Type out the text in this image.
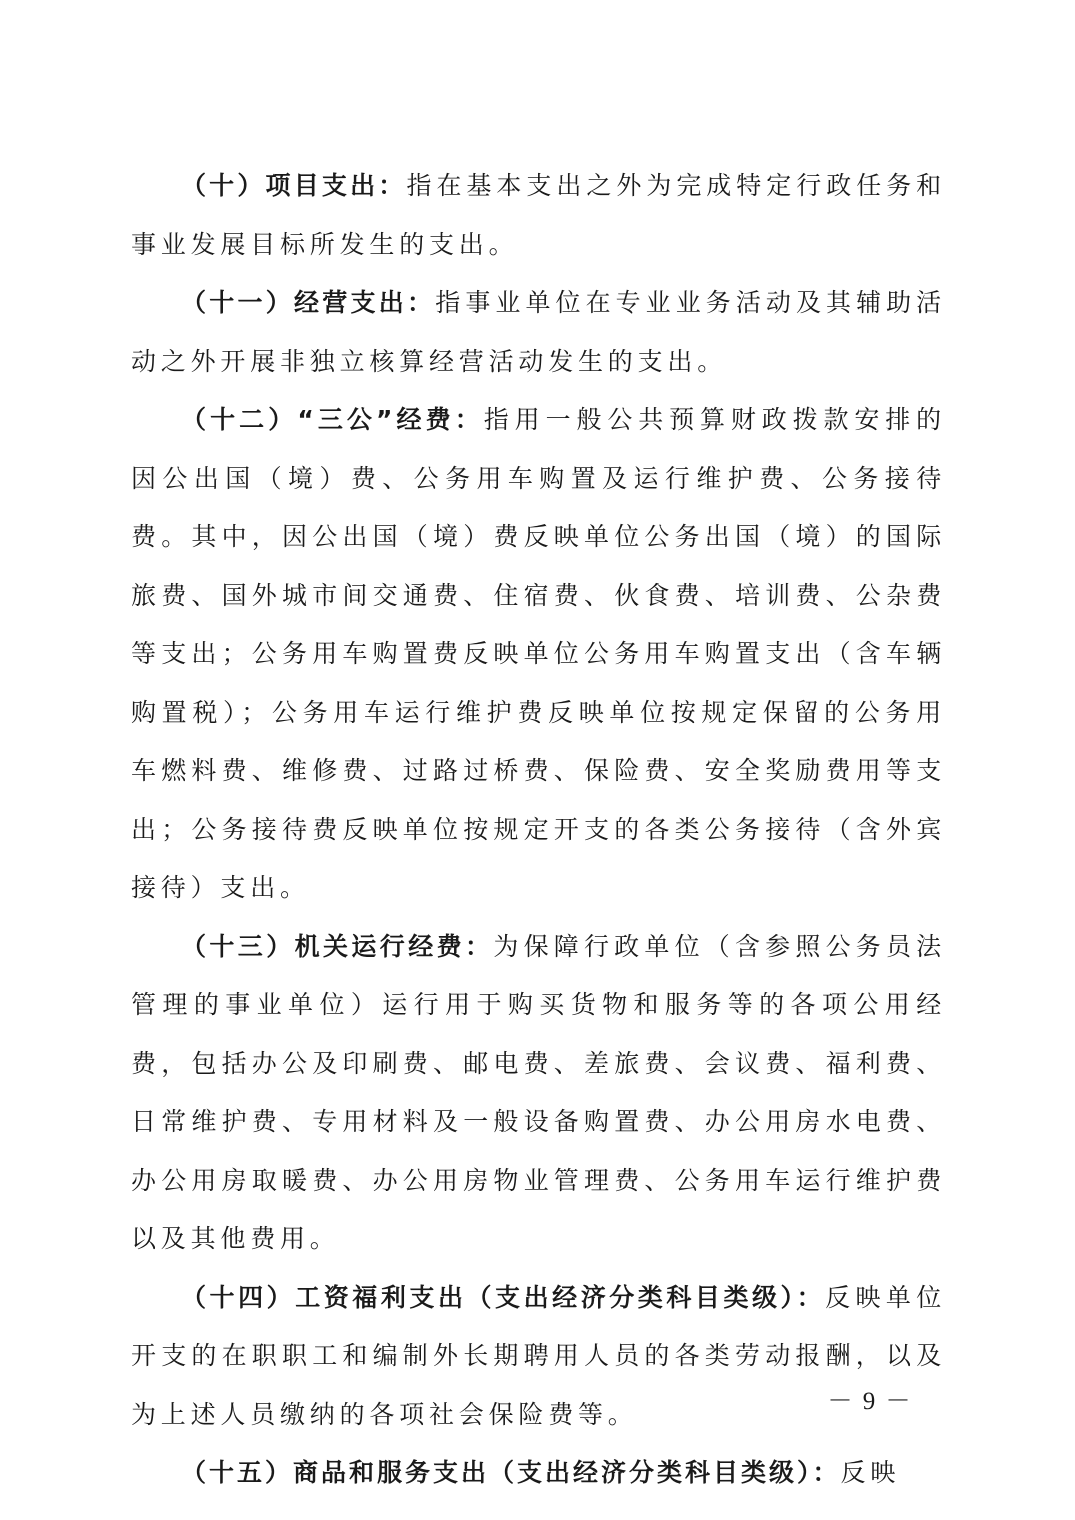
（十）项目支出：指在基本支出之外为完成特定行政任务和事业发展目标所发生的支出。

（十一）经营支出：指事业单位在专业业务活动及其辅助活动之外开展非独立核算经营活动发生的支出。

（十二）“三公”经费：指用一般公共预算财政拨款安排的因公出国（境）费、公务用车购置及运行维护费、公务接待费。其中，因公出国（境）费反映单位公务出国（境）的国际旅费、国外城市间交通费、住宿费、伙食费、培训费、公杂费等支出；公务用车购置费反映单位公务用车购置支出（含车辆购置税）；公务用车运行维护费反映单位按规定保留的公务用车燃料费、维修费、过路过桥费、保险费、安全奖励费用等支出；公务接待费反映单位按规定开支的各类公务接待（含外宾接待）支出。

（十三）机关运行经费：为保障行政单位（含参照公务员法管理的事业单位）运行用于购买货物和服务等的各项公用经费，包括办公及印刷费、邮电费、差旅费、会议费、福利费、日常维护费、专用材料及一般设备购置费、办公用房水电费、办公用房取暖费、办公用房物业管理费、公务用车运行维护费以及其他费用。

（十四）工资福利支出（支出经济分类科目类级）：反映单位开支的在职职工和编制外长期聘用人员的各类劳动报酬，以及为上述人员缴纳的各项社会保险费等。

（十五）商品和服务支出（支出经济分类科目类级）：反映

－ 9 －
